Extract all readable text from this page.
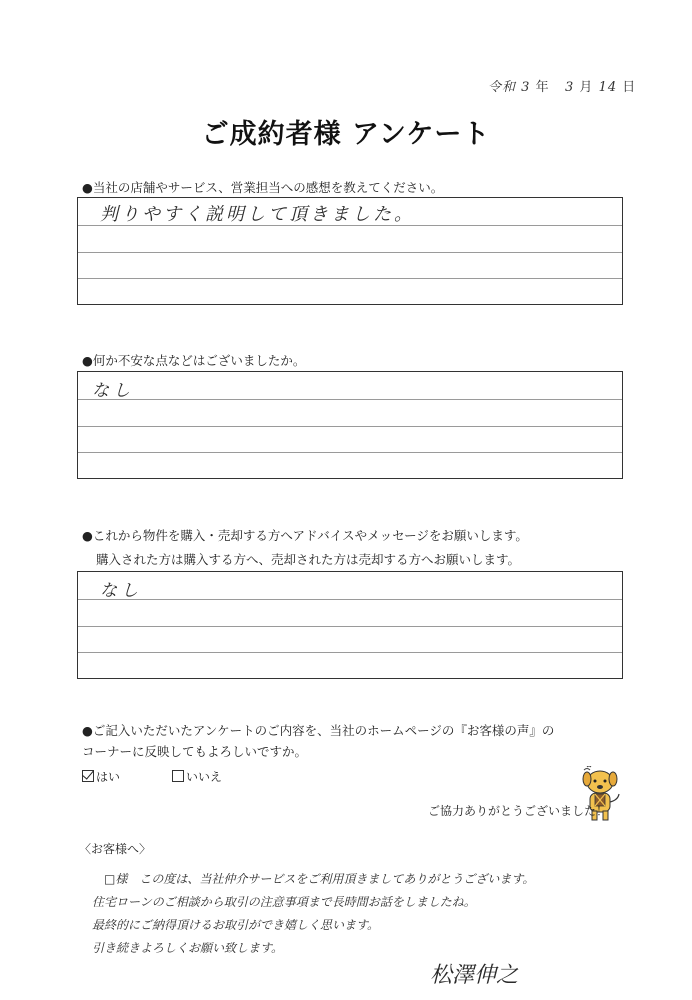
令和 3 年 3 月 14 日
ご成約者様 アンケート
●当社の店舗やサービス、営業担当への感想を教えてください。
判りやすく説明して頂きました。
●何か不安な点などはございましたか。
なし
●これから物件を購入・売却する方へアドバイスやメッセージをお願いします。
購入された方は購入する方へ、売却された方は売却する方へお願いします。
なし
●ご記入いただいたアンケートのご内容を、当社のホームページの『お客様の声』の
コーナーに反映してもよろしいですか。
はい	いいえ
ご協力ありがとうございました！
〈お客様へ〉
□様　この度は、当社仲介サービスをご利用頂きましてありがとうございます。
住宅ローンのご相談から取引の注意事項まで長時間お話をしましたね。
最終的にご納得頂けるお取引ができ嬉しく思います。
引き続きよろしくお願い致します。
松澤伸之
